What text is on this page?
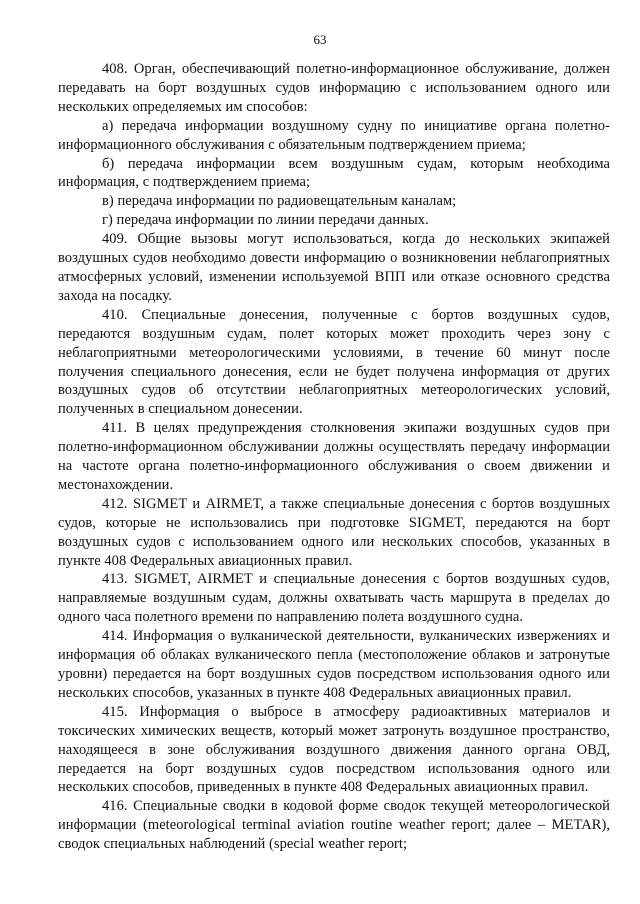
63

408. Орган, обеспечивающий полетно-информационное обслуживание, должен передавать на борт воздушных судов информацию с использованием одного или нескольких определяемых им способов:

а) передача информации воздушному судну по инициативе органа полетно-информационного обслуживания с обязательным подтверждением приема;

б) передача информации всем воздушным судам, которым необходима информация, с подтверждением приема;

в) передача информации по радиовещательным каналам;

г) передача информации по линии передачи данных.

409. Общие вызовы могут использоваться, когда до нескольких экипажей воздушных судов необходимо довести информацию о возникновении неблагоприятных атмосферных условий, изменении используемой ВПП или отказе основного средства захода на посадку.

410. Специальные донесения, полученные с бортов воздушных судов, передаются воздушным судам, полет которых может проходить через зону с неблагоприятными метеорологическими условиями, в течение 60 минут после получения специального донесения, если не будет получена информация от других воздушных судов об отсутствии неблагоприятных метеорологических условий, полученных в специальном донесении.

411. В целях предупреждения столкновения экипажи воздушных судов при полетно-информационном обслуживании должны осуществлять передачу информации на частоте органа полетно-информационного обслуживания о своем движении и местонахождении.

412. SIGMET и AIRMET, а также специальные донесения с бортов воздушных судов, которые не использовались при подготовке SIGMET, передаются на борт воздушных судов с использованием одного или нескольких способов, указанных в пункте 408 Федеральных авиационных правил.

413. SIGMET, AIRMET и специальные донесения с бортов воздушных судов, направляемые воздушным судам, должны охватывать часть маршрута в пределах до одного часа полетного времени по направлению полета воздушного судна.

414. Информация о вулканической деятельности, вулканических извержениях и информация об облаках вулканического пепла (местоположение облаков и затронутые уровни) передается на борт воздушных судов посредством использования одного или нескольких способов, указанных в пункте 408 Федеральных авиационных правил.

415. Информация о выбросе в атмосферу радиоактивных материалов и токсических химических веществ, который может затронуть воздушное пространство, находящееся в зоне обслуживания воздушного движения данного органа ОВД, передается на борт воздушных судов посредством использования одного или нескольких способов, приведенных в пункте 408 Федеральных авиационных правил.

416. Специальные сводки в кодовой форме сводок текущей метеорологической информации (meteorological terminal aviation routine weather report; далее – METAR), сводок специальных наблюдений (special weather report;
